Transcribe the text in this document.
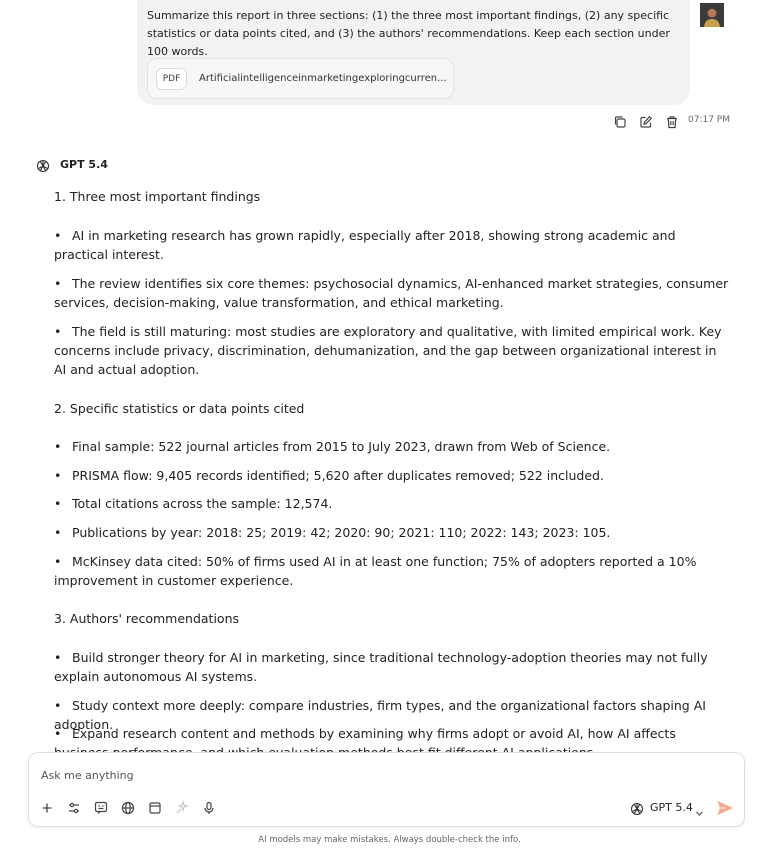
Summarize this report in three sections: (1) the three most important findings, (2) any specific statistics or data points cited, and (3) the authors' recommendations. Keep each section under 100 words.
PDF	Artificialintelligenceinmarketingexploringcurren...
07:17 PM
GPT 5.4

1. Three most important findings

• AI in marketing research has grown rapidly, especially after 2018, showing strong academic and practical interest.

• The review identifies six core themes: psychosocial dynamics, AI-enhanced market strategies, consumer services, decision-making, value transformation, and ethical marketing.

• The field is still maturing: most studies are exploratory and qualitative, with limited empirical work. Key concerns include privacy, discrimination, dehumanization, and the gap between organizational interest in AI and actual adoption.

2. Specific statistics or data points cited

• Final sample: 522 journal articles from 2015 to July 2023, drawn from Web of Science.

• PRISMA flow: 9,405 records identified; 5,620 after duplicates removed; 522 included.

• Total citations across the sample: 12,574.

• Publications by year: 2018: 25; 2019: 42; 2020: 90; 2021: 110; 2022: 143; 2023: 105.

• McKinsey data cited: 50% of firms used AI in at least one function; 75% of adopters reported a 10% improvement in customer experience.

3. Authors' recommendations

• Build stronger theory for AI in marketing, since traditional technology-adoption theories may not fully explain autonomous AI systems.

• Study context more deeply: compare industries, firm types, and the organizational factors shaping AI adoption.

• Expand research content and methods by examining why firms adopt or avoid AI, how AI affects

Ask me anything
GPT 5.4
AI models may make mistakes. Always double-check the info.
